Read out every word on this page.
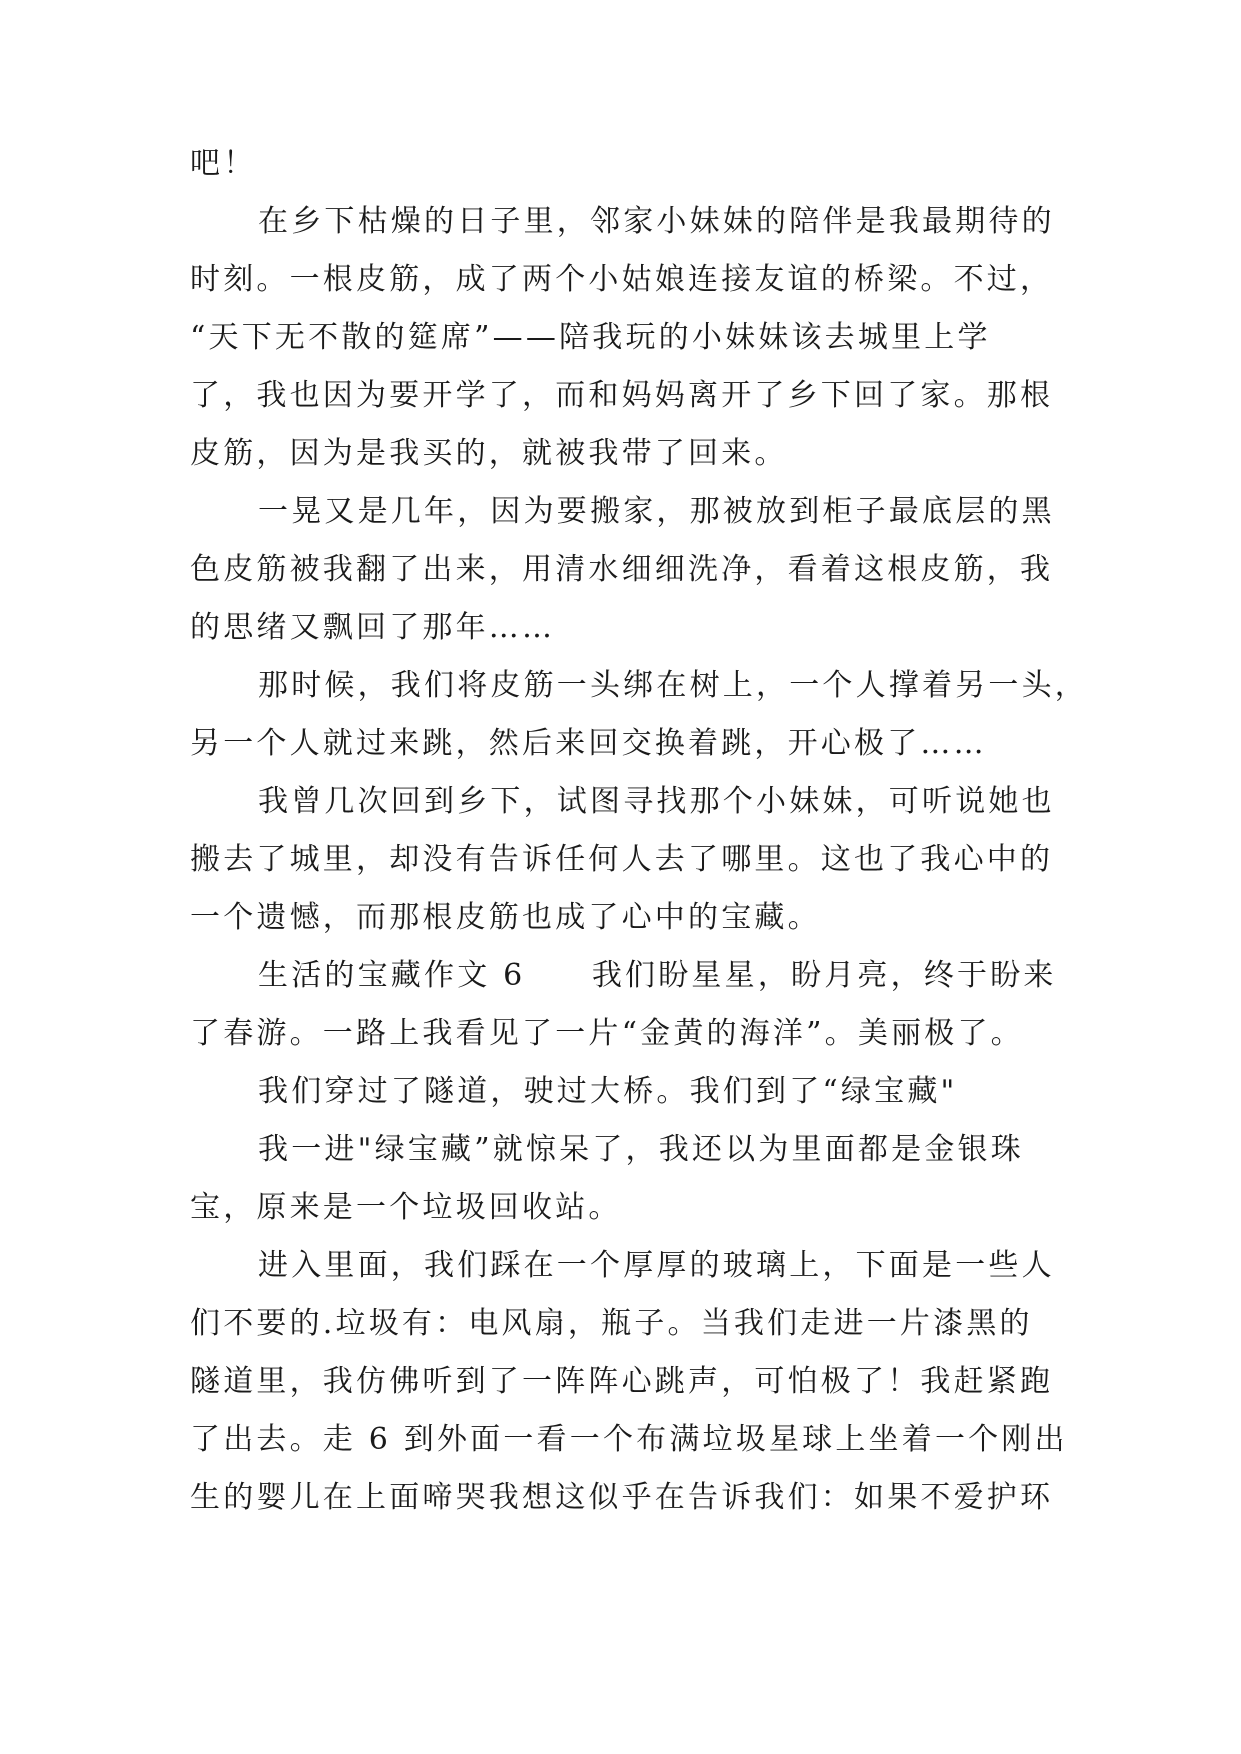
吧！
在乡下枯燥的日子里，邻家小妹妹的陪伴是我最期待的
时刻。一根皮筋，成了两个小姑娘连接友谊的桥梁。不过，
“天下无不散的筵席”——陪我玩的小妹妹该去城里上学
了，我也因为要开学了，而和妈妈离开了乡下回了家。那根
皮筋，因为是我买的，就被我带了回来。
一晃又是几年，因为要搬家，那被放到柜子最底层的黑
色皮筋被我翻了出来，用清水细细洗净，看着这根皮筋，我
的思绪又飘回了那年……
那时候，我们将皮筋一头绑在树上，一个人撑着另一头，
另一个人就过来跳，然后来回交换着跳，开心极了……
我曾几次回到乡下，试图寻找那个小妹妹，可听说她也
搬去了城里，却没有告诉任何人去了哪里。这也了我心中的
一个遗憾，而那根皮筋也成了心中的宝藏。
生活的宝藏作文 6　　我们盼星星，盼月亮，终于盼来
了春游。一路上我看见了一片“金黄的海洋”。美丽极了。
我们穿过了隧道，驶过大桥。我们到了“绿宝藏"
我一进"绿宝藏”就惊呆了，我还以为里面都是金银珠
宝，原来是一个垃圾回收站。
进入里面，我们踩在一个厚厚的玻璃上，下面是一些人
们不要的.垃圾有：电风扇，瓶子。当我们走进一片漆黑的
隧道里，我仿佛听到了一阵阵心跳声，可怕极了！我赶紧跑
了出去。走 6 到外面一看一个布满垃圾星球上坐着一个刚出
生的婴儿在上面啼哭我想这似乎在告诉我们：如果不爱护环
